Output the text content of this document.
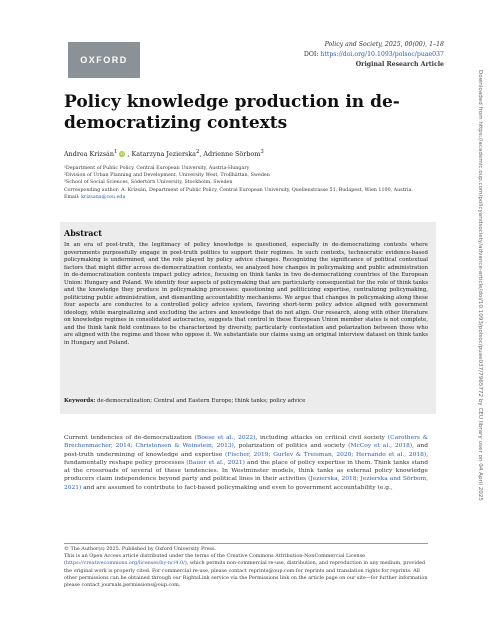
OXFORD
Policy and Society, 2025, 00(00), 1–18
DOI: https://doi.org/10.1093/polsoc/puae037
Original Research Article
Downloaded from https://academic.oup.com/policyandsociety/advance-article/doi/10.1093/polsoc/puae037/7965772 by CEU library user on 04 April 2025
Policy knowledge production in de-democratizing contexts
Andrea Krizsán$^1$ iD , Katarzyna Jezierska$^2$, Adrienne Sörbom$^3$
¹Department of Public Policy, Central European University, Austria-Hungary
²Division of Urban Planning and Development, University West, Trollhättan, Sweden
³School of Social Sciences, Södertörn University, Stockholm, Sweden
Corresponding author: A. Krizsán, Department of Public Policy, Central European University, Quellenstrasse 51, Budapest, Wien 1100, Austria. Email: krizsana@ceu.edu
Abstract
In an era of post-truth, the legitimacy of policy knowledge is questioned, especially in de-democratizing contexts where governments purposefully engage in post-truth politics to support their regimes. In such contexts, technocratic evidence-based policymaking is undermined, and the role played by policy advice changes. Recognizing the significance of political contextual factors that might differ across de-democratization contexts, we analyzed how changes in policymaking and public administration in de-democratization contexts impact policy advice, focusing on think tanks in two de-democratizing countries of the European Union: Hungary and Poland. We identify four aspects of policymaking that are particularly consequential for the role of think tanks and the knowledge they produce in policymaking processes: questioning and politicizing expertise, centralizing policymaking, politicizing public administration, and dismantling accountability mechanisms. We argue that changes in policymaking along these four aspects are conducive to a controlled policy advice system, favoring short-term policy advice aligned with government ideology, while marginalizing and excluding the actors and knowledge that do not align. Our research, along with other literature on knowledge regimes in consolidated autocracies, suggests that control in these European Union member states is not complete, and the think tank field continues to be characterized by diversity, particularly contestation and polarization between those who are aligned with the regime and those who oppose it. We substantiate our claims using an original interview dataset on think tanks in Hungary and Poland.
Keywords: de-democratization; Central and Eastern Europe; think tanks; policy advice
Current tendencies of de-democratization (Boese et al., 2022), including attacks on critical civil society (Carothers & Brechenmacher, 2014; Christensen & Weinstein, 2013), polarization of politics and society (McCoy et al., 2018), and post-truth undermining of knowledge and expertise (Fischer, 2019; Gurlev & Treisman, 2020; Hernando et al., 2018), fundamentally reshape policy processes (Bauer et al., 2021) and the place of policy expertise in them. Think tanks stand at the crossroads of several of these tendencies. In Westminster models, think tanks as external policy knowledge producers claim independence beyond party and political lines in their activities (Jezierska, 2018; Jezierska and Sörbom, 2021) and are assumed to contribute to fact-based policymaking and even to government accountability (e.g.,
© The Author(s) 2025. Published by Oxford University Press.
This is an Open Access article distributed under the terms of the Creative Commons Attribution-NonCommercial License (https://creativecommons.org/licenses/by-nc/4.0/), which permits non-commercial re-use, distribution, and reproduction in any medium, provided the original work is properly cited. For commercial re-use, please contact reprints@oup.com for reprints and translation rights for reprints. All other permissions can be obtained through our RightsLink service via the Permissions link on the article page on our site—for further information please contact journals.permissions@oup.com.
